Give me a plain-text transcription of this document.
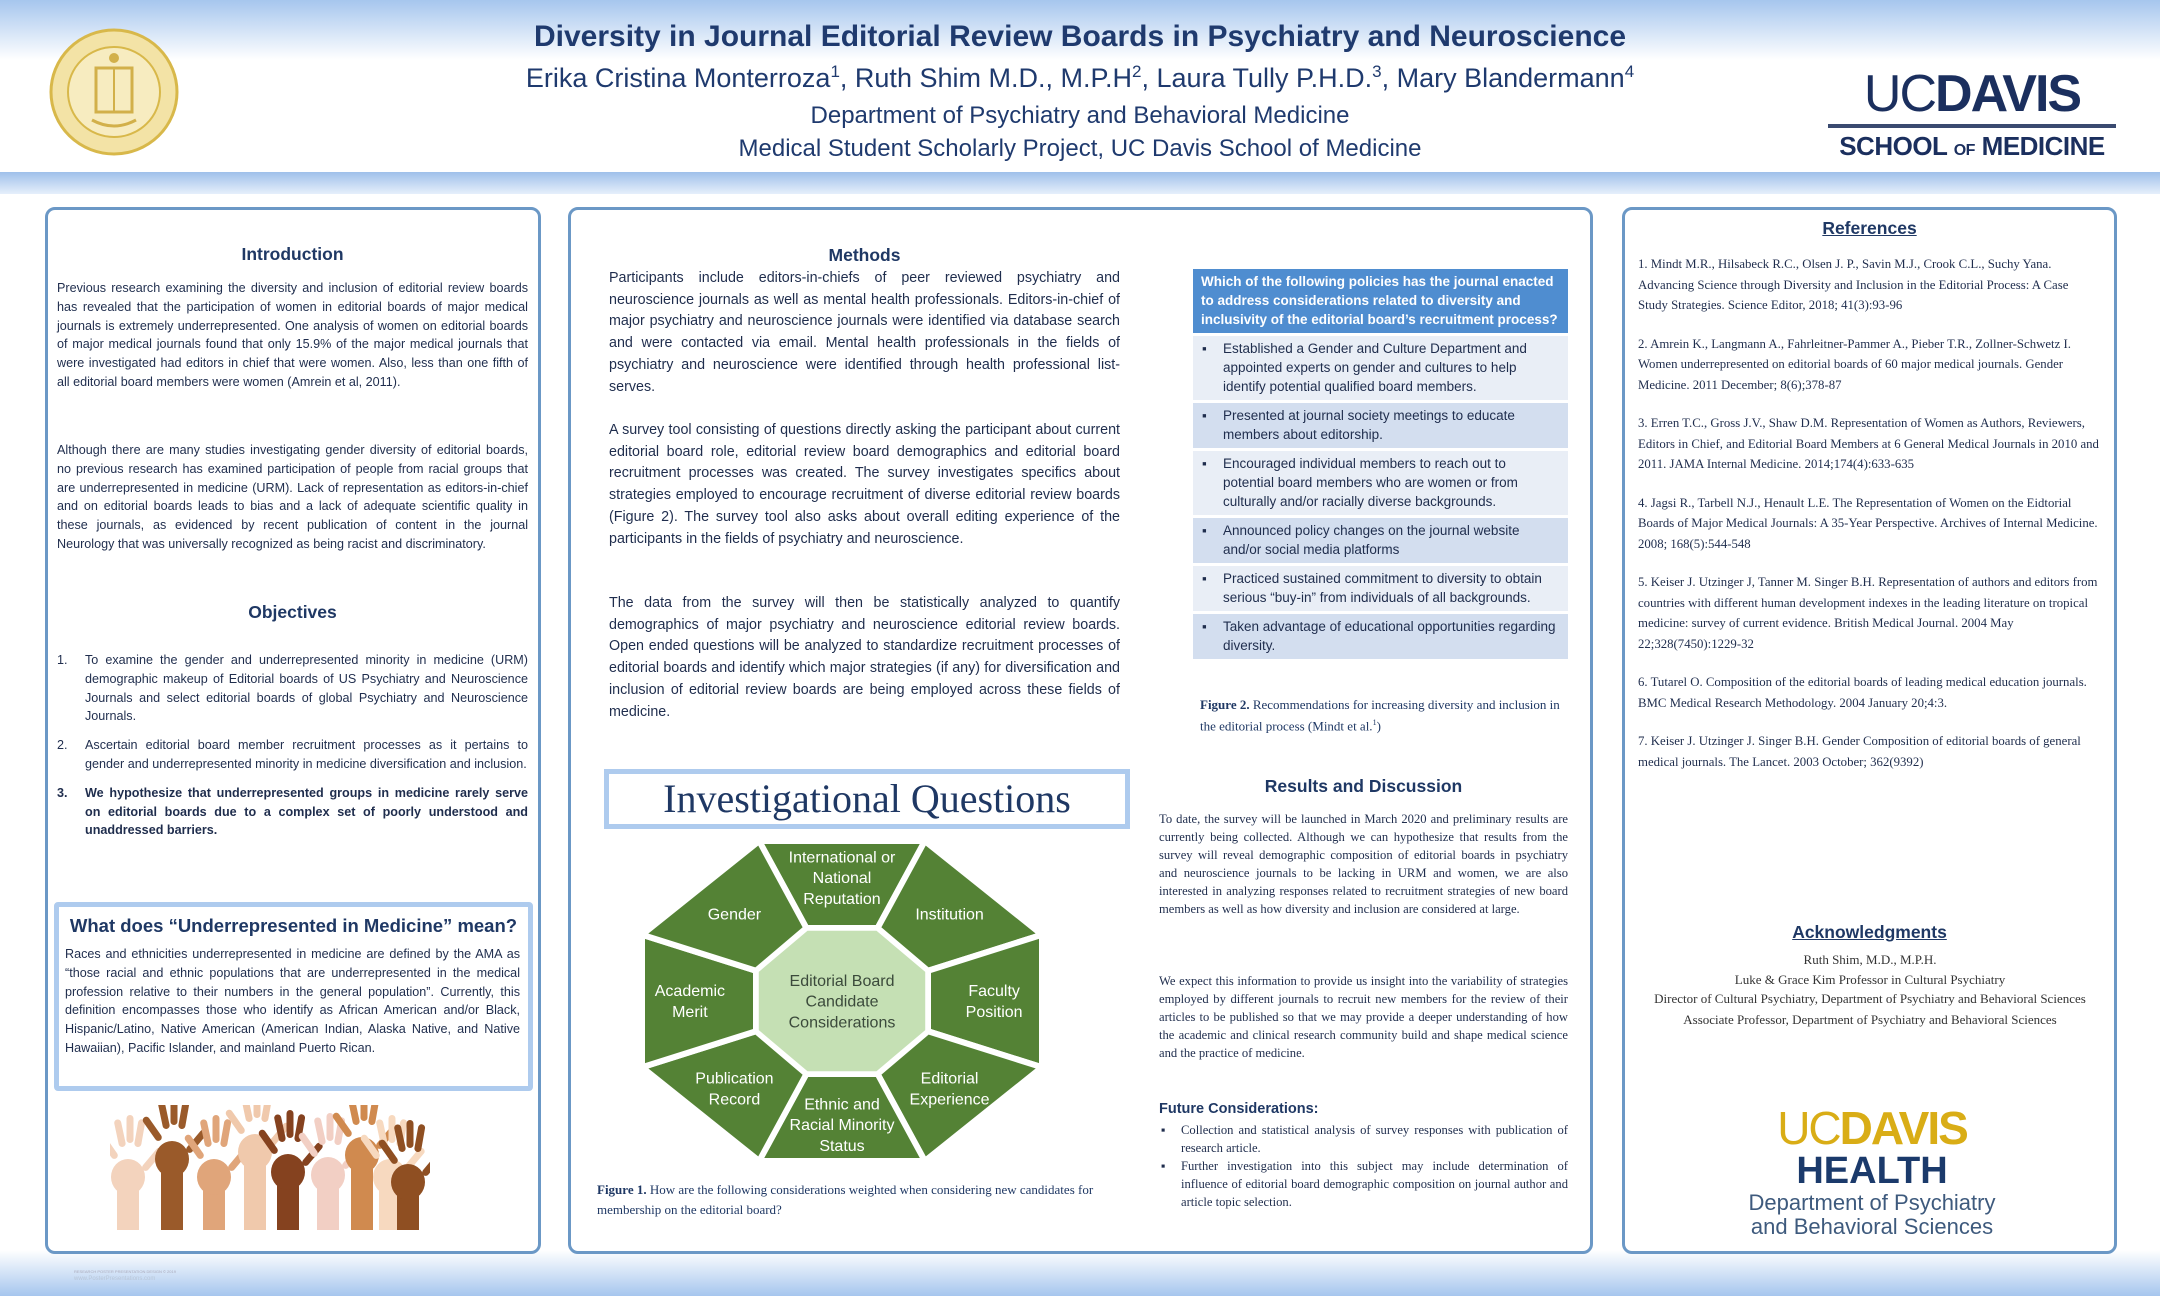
Diversity in Journal Editorial Review Boards in Psychiatry and Neuroscience
Erika Cristina Monterroza$^1$, Ruth Shim M.D., $M.P.H^2$, Laura Tully P.H.D.$^3$, Mary Blandermann$^4$
Department of Psychiatry and Behavioral Medicine
Medical Student Scholarly Project, UC Davis School of Medicine
UCDAVIS
SCHOOL OF MEDICINE
Introduction
Previous research examining the diversity and inclusion of editorial review boards has revealed that the participation of women in editorial boards of major medical journals is extremely underrepresented. One analysis of women on editorial boards of major medical journals found that only 15.9% of the major medical journals that were investigated had editors in chief that were women. Also, less than one fifth of all editorial board members were women (Amrein et al, 2011).
Although there are many studies investigating gender diversity of editorial boards, no previous research has examined participation of people from racial groups that are underrepresented in medicine (URM). Lack of representation as editors-in-chief and on editorial boards leads to bias and a lack of adequate scientific quality in these journals, as evidenced by recent publication of content in the journal Neurology that was universally recognized as being racist and discriminatory.
Objectives
1. To examine the gender and underrepresented minority in medicine (URM) demographic makeup of Editorial boards of US Psychiatry and Neuroscience Journals and select editorial boards of global Psychiatry and Neuroscience Journals.
2. Ascertain editorial board member recruitment processes as it pertains to gender and underrepresented minority in medicine diversification and inclusion.
3. We hypothesize that underrepresented groups in medicine rarely serve on editorial boards due to a complex set of poorly understood and unaddressed barriers.
What does “Underrepresented in Medicine” mean?
Races and ethnicities underrepresented in medicine are defined by the AMA as “those racial and ethnic populations that are underrepresented in the medical profession relative to their numbers in the general population”. Currently, this definition encompasses those who identify as African American and/or Black, Hispanic/Latino, Native American (American Indian, Alaska Native, and Native Hawaiian), Pacific Islander, and mainland Puerto Rican.
RESEARCH POSTER PRESENTATION DESIGN © 2019
www.PosterPresentations.com
Methods
Participants include editors-in-chiefs of peer reviewed psychiatry and neuroscience journals as well as mental health professionals. Editors-in-chief of major psychiatry and neuroscience journals were identified via database search and were contacted via email. Mental health professionals in the fields of psychiatry and neuroscience were identified through health professional list-serves.
A survey tool consisting of questions directly asking the participant about current editorial board role, editorial review board demographics and editorial board recruitment processes was created. The survey investigates specifics about strategies employed to encourage recruitment of diverse editorial review boards (Figure 2). The survey tool also asks about overall editing experience of the participants in the fields of psychiatry and neuroscience.
The data from the survey will then be statistically analyzed to quantify demographics of major psychiatry and neuroscience editorial review boards. Open ended questions will be analyzed to standardize recruitment processes of editorial boards and identify which major strategies (if any) for diversification and inclusion of editorial review boards are being employed across these fields of medicine.
Which of the following policies has the journal enacted to address considerations related to diversity and inclusivity of the editorial board’s recruitment process?
▪ Established a Gender and Culture Department and appointed experts on gender and cultures to help identify potential qualified board members.
▪ Presented at journal society meetings to educate members about editorship.
▪ Encouraged individual members to reach out to potential board members who are women or from culturally and/or racially diverse backgrounds.
▪ Announced policy changes on the journal website and/or social media platforms
▪ Practiced sustained commitment to diversity to obtain serious “buy-in” from individuals of all backgrounds.
▪ Taken advantage of educational opportunities regarding diversity.
Figure 2. Recommendations for increasing diversity and inclusion in the editorial process (Mindt et al.$^1$)
Investigational Questions
International or National Reputation
Institution
Faculty Position
Editorial Experience
Ethnic and Racial Minority Status
Publication Record
Academic Merit
Gender
Editorial Board Candidate Considerations
Figure 1. How are the following considerations weighted when considering new candidates for membership on the editorial board?
Results and Discussion
To date, the survey will be launched in March 2020 and preliminary results are currently being collected. Although we can hypothesize that results from the survey will reveal demographic composition of editorial boards in psychiatry and neuroscience journals to be lacking in URM and women, we are also interested in analyzing responses related to recruitment strategies of new board members as well as how diversity and inclusion are considered at large.
We expect this information to provide us insight into the variability of strategies employed by different journals to recruit new members for the review of their articles to be published so that we may provide a deeper understanding of how the academic and clinical research community build and shape medical science and the practice of medicine.
Future Considerations:
▪ Collection and statistical analysis of survey responses with publication of research article.
▪ Further investigation into this subject may include determination of influence of editorial board demographic composition on journal author and article topic selection.
References
1. Mindt M.R., Hilsabeck R.C., Olsen J. P., Savin M.J., Crook C.L., Suchy Yana. Advancing Science through Diversity and Inclusion in the Editorial Process: A Case Study Strategies. Science Editor, 2018; 41(3):93-96
2. Amrein K., Langmann A., Fahrleitner-Pammer A., Pieber T.R., Zollner-Schwetz I. Women underrepresented on editorial boards of 60 major medical journals. Gender Medicine. 2011 December; 8(6);378-87
3. Erren T.C., Gross J.V., Shaw D.M. Representation of Women as Authors, Reviewers, Editors in Chief, and Editorial Board Members at 6 General Medical Journals in 2010 and 2011. JAMA Internal Medicine. 2014;174(4):633-635
4. Jagsi R., Tarbell N.J., Henault L.E. The Representation of Women on the Eidtorial Boards of Major Medical Journals: A 35-Year Perspective. Archives of Internal Medicine. 2008; 168(5):544-548
5. Keiser J. Utzinger J, Tanner M. Singer B.H. Representation of authors and editors from countries with different human development indexes in the leading literature on tropical medicine: survey of current evidence. British Medical Journal. 2004 May 22;328(7450):1229-32
6. Tutarel O. Composition of the editorial boards of leading medical education journals. BMC Medical Research Methodology. 2004 January 20;4:3.
7. Keiser J. Utzinger J. Singer B.H. Gender Composition of editorial boards of general medical journals. The Lancet. 2003 October; 362(9392)
Acknowledgments
Ruth Shim, M.D., M.P.H.
Luke & Grace Kim Professor in Cultural Psychiatry
Director of Cultural Psychiatry, Department of Psychiatry and Behavioral Sciences
Associate Professor, Department of Psychiatry and Behavioral Sciences
UCDAVIS
HEALTH
Department of Psychiatry
and Behavioral Sciences
